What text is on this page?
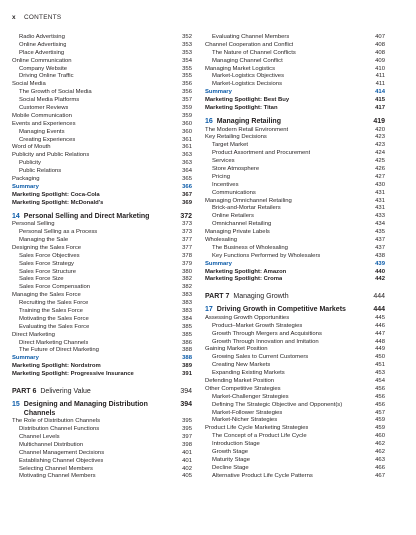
x CONTENTS
Radio Advertising	352
Online Advertising	353
Place Advertising	353
Online Communication	354
Company Website	355
Driving Online Traffic	355
Social Media	356
The Growth of Social Media	356
Social Media Platforms	357
Customer Reviews	359
Mobile Communication	359
Events and Experiences	360
Managing Events	360
Creating Experiences	361
Word of Mouth	361
Publicity and Public Relations	363
Publicity	363
Public Relations	364
Packaging	365
Summary	366
Marketing Spotlight: Coca-Cola	367
Marketing Spotlight: McDonald’s	369
14 Personal Selling and Direct Marketing	372
Personal Selling	373
Personal Selling as a Process	373
Managing the Sale	377
Designing the Sales Force	377
Sales Force Objectives	378
Sales Force Strategy	379
Sales Force Structure	380
Sales Force Size	382
Sales Force Compensation	382
Managing the Sales Force	383
Recruiting the Sales Force	383
Training the Sales Force	383
Motivating the Sales Force	384
Evaluating the Sales Force	385
Direct Marketing	385
Direct Marketing Channels	386
The Future of Direct Marketing	388
Summary	388
Marketing Spotlight: Nordstrom	389
Marketing Spotlight: Progressive Insurance	391
PART 6 Delivering Value	394
15 Designing and Managing Distribution Channels
394
The Role of Distribution Channels	395
Distribution Channel Functions	395
Channel Levels	397
Multichannel Distribution	398
Channel Management Decisions	401
Establishing Channel Objectives	401
Selecting Channel Members	402
Motivating Channel Members	405
Evaluating Channel Members	407
Channel Cooperation and Conflict	408
The Nature of Channel Conflicts	408
Managing Channel Conflict	409
Managing Market Logistics	410
Market-Logistics Objectives	411
Market-Logistics Decisions	411
Summary	414
Marketing Spotlight: Best Buy	415
Marketing Spotlight: Titan	417
16 Managing Retailing	419
The Modern Retail Environment	420
Key Retailing Decisions	423
Target Market	423
Product Assortment and Procurement	424
Services	425
Store Atmosphere	426
Pricing	427
Incentives	430
Communications	431
Managing Omnichannel Retailing	431
Brick-and-Mortar Retailers	431
Online Retailers	433
Omnichannel Retailing	434
Managing Private Labels	435
Wholesaling	437
The Business of Wholesaling	437
Key Functions Performed by Wholesalers	438
Summary	439
Marketing Spotlight: Amazon	440
Marketing Spotlight: Croma	442
PART 7 Managing Growth	444
17 Driving Growth in Competitive Markets	444
Assessing Growth Opportunities	445
Product–Market Growth Strategies	446
Growth Through Mergers and Acquisitions	447
Growth Through Innovation and Imitation	448
Gaining Market Position	449
Growing Sales to Current Customers	450
Creating New Markets	451
Expanding Existing Markets	453
Defending Market Position	454
Other Competitive Strategies	456
Market-Challenger Strategies	456
Defining The Strategic Objective and Opponent(s)	456
Market-Follower Strategies	457
Market-Nicher Strategies	459
Product Life Cycle Marketing Strategies	459
The Concept of a Product Life Cycle	460
Introduction Stage	462
Growth Stage	462
Maturity Stage	463
Decline Stage	466
Alternative Product Life Cycle Patterns	467
